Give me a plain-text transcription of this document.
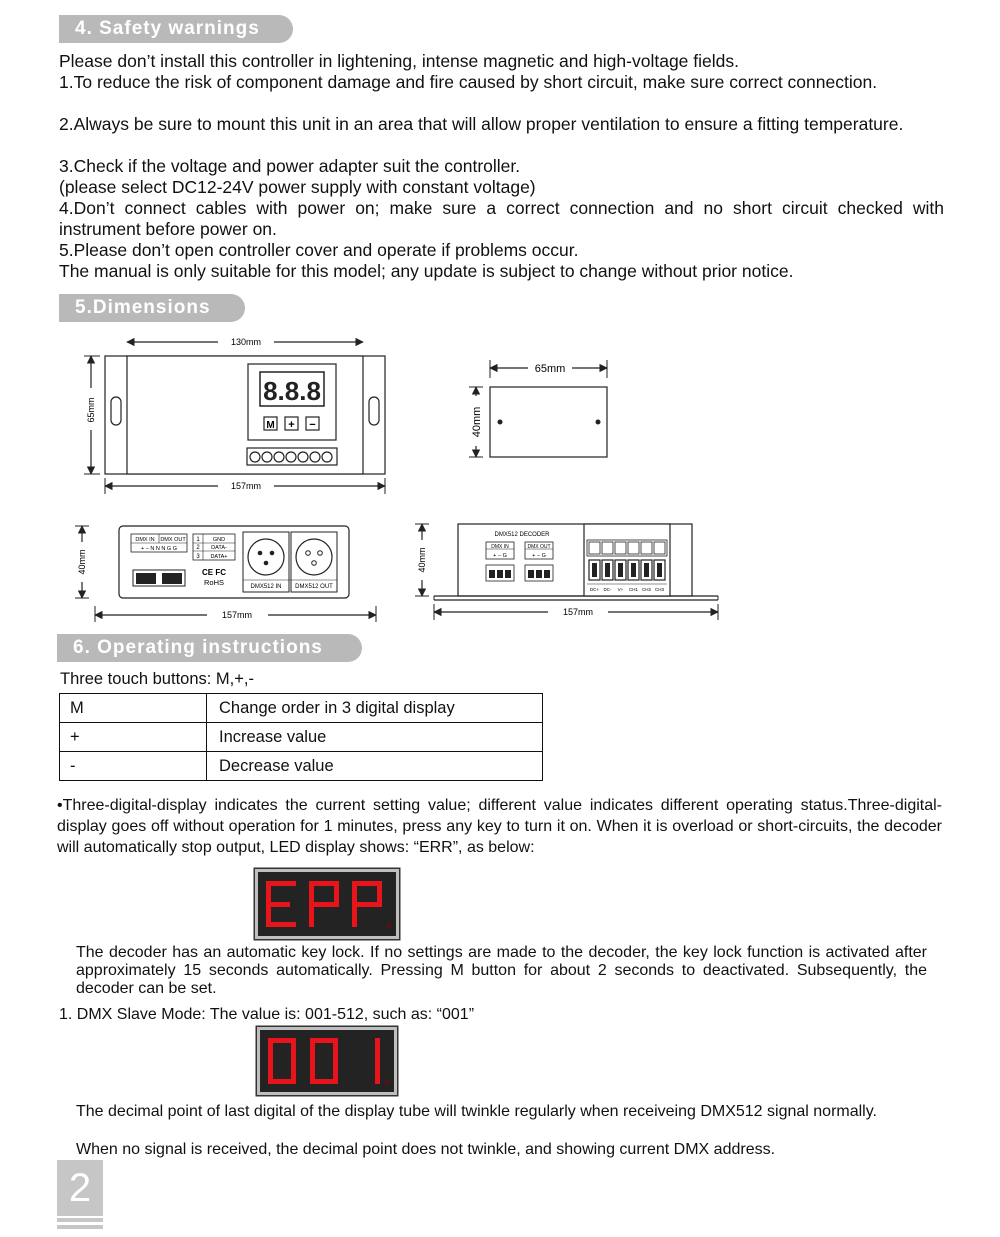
4. Safety warnings

Please don’t install this controller in lightening, intense magnetic and high-voltage fields.

1.To reduce the risk of component damage and fire caused by short circuit, make sure correct connection.

2.Always be sure to mount this unit in an area that will allow proper ventilation to ensure a fitting temperature.

3.Check if the voltage and power adapter suit the controller.

(please select DC12-24V power supply with constant voltage)

4.Don’t connect cables with power on; make sure a correct connection and no short circuit checked with instrument before power on.

5.Please don’t open controller cover and operate if problems occur.

The manual is only suitable for this model; any update is subject to change without prior notice.

5.Dimensions
8.8.8
M + −
130mm
65mm
157mm
65mm
40mm
DMX IN DMX OUT
+ − N N N G G
1
2
3
GND
DATA-
DATA+
CE FC
RoHS	DMX512 IN DMX512 OUT
40mm
157mm
DMX512 DECODER
DMX IN
+ − G
DMX OUT
+ − G
DC+ DC- V+ CH1 CH2 CH3
40mm
157mm
6. Operating instructions

Three touch buttons: M,+,-

M	Change order in 3 digital display
+	Increase value
-	Decrease value

•Three-digital-display indicates the current setting value; different value indicates different operating status.Three-digital-display goes off without operation for 1 minutes, press any key to turn it on. When it is overload or short-circuits, the decoder will automatically stop output, LED display shows: “ERR”, as below:

The decoder has an automatic key lock. If no settings are made to the decoder, the key lock function is activated after approximately 15 seconds automatically. Pressing M button for about 2 seconds to deactivated. Subsequently, the decoder can be set.

1. DMX Slave Mode: The value is: 001-512, such as: “001”

The decimal point of last digital of the display tube will twinkle regularly when receiveing DMX512 signal normally.

When no signal is received, the decimal point does not twinkle, and showing current DMX address.

2
